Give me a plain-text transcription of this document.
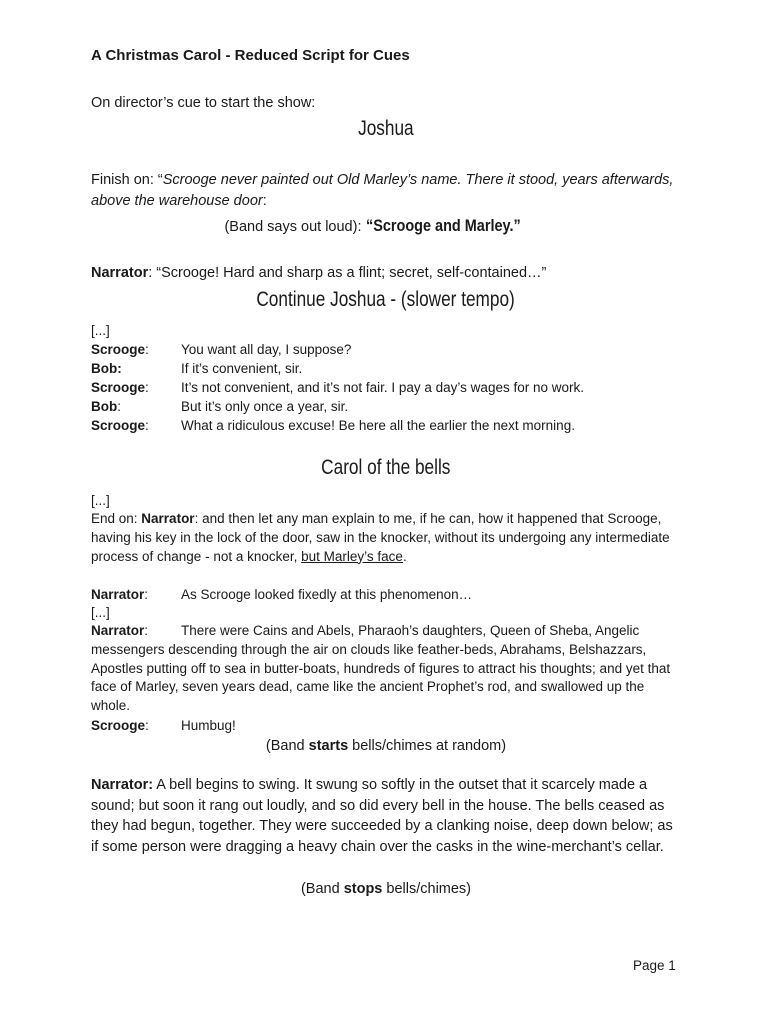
A Christmas Carol - Reduced Script for Cues
On director’s cue to start the show:
Joshua
Finish on: “Scrooge never painted out Old Marley’s name. There it stood, years afterwards, above the warehouse door:
(Band says out loud): “Scrooge and Marley.”
Narrator: “Scrooge! Hard and sharp as a flint; secret, self-contained…”
Continue Joshua - (slower tempo)
[...]
Scrooge: You want all day, I suppose?
Bob:	If it’s convenient, sir.
Scrooge: It’s not convenient, and it’s not fair. I pay a day’s wages for no work.
Bob:	But it’s only once a year, sir.
Scrooge: What a ridiculous excuse! Be here all the earlier the next morning.
Carol of the bells
[...]
End on: Narrator: and then let any man explain to me, if he can, how it happened that Scrooge, having his key in the lock of the door, saw in the knocker, without its undergoing any intermediate process of change - not a knocker, but Marley’s face.
Narrator: As Scrooge looked fixedly at this phenomenon…
[...]
Narrator: There were Cains and Abels, Pharaoh’s daughters, Queen of Sheba, Angelic messengers descending through the air on clouds like feather-beds, Abrahams, Belshazzars, Apostles putting off to sea in butter-boats, hundreds of figures to attract his thoughts; and yet that face of Marley, seven years dead, came like the ancient Prophet’s rod, and swallowed up the whole.
Scrooge: Humbug!
(Band starts bells/chimes at random)
Narrator: A bell begins to swing. It swung so softly in the outset that it scarcely made a sound; but soon it rang out loudly, and so did every bell in the house. The bells ceased as they had begun, together. They were succeeded by a clanking noise, deep down below; as if some person were dragging a heavy chain over the casks in the wine-merchant’s cellar.
(Band stops bells/chimes)
Page 1
